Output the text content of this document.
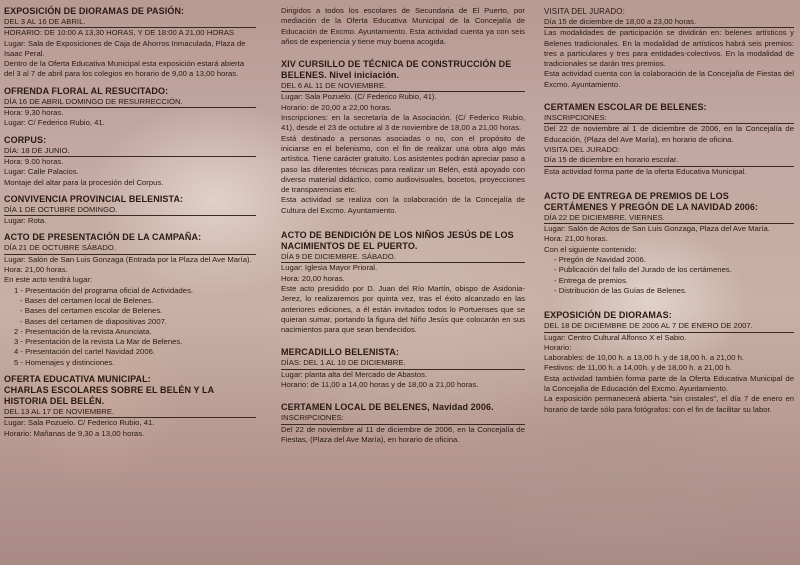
EXPOSICIÓN DE DIORAMAS DE PASIÓN:
DEL 3 AL 16 DE ABRIL.
HORARIO: DE 10:00 A 13,30 HORAS, Y DE 18:00 A 21,00 HORAS
Lugar: Sala de Exposiciones de Caja de Ahorros Inmaculada, Plaza de Isaac Peral.
Dentro de la Oferta Educativa Municipal esta exposición estará abierta del 3 al 7 de abril para los colegios en horario de 9,00 a 13,00 horas.
OFRENDA FLORAL AL RESUCITADO:
DÍA 16 DE ABRIL DOMINGO DE RESURRECCIÓN.
Hora: 9,30 horas.
Lugar: C/ Federico Rubio, 41.
CORPUS:
DÍA: 18 DE JUNIO.
Hora: 9.00 horas.
Lugar: Calle Palacios.
Montaje del altar para la procesión del Corpus.
CONVIVENCIA PROVINCIAL BELENISTA:
DÍA 1 DE OCTUBRE DOMINGO.
Lugar: Rota.
ACTO DE PRESENTACIÓN DE LA CAMPAÑA:
DÍA 21 DE OCTUBRE SÁBADO.
Lugar: Salón de San Luis Gonzaga (Entrada por la Plaza del Ave María).
Hora: 21,00 horas.
En este acto tendrá lugar:
1 - Presentación del programa oficial de Actividades.
- Bases del certamen local de Belenes.
- Bases del certamen escolar de Belenes.
- Bases del certamen de diapositivas 2007.
2 - Presentación de la revista Anunciata.
3 - Presentación de la revista La Mar de Belenes.
4 - Presentación del cartel Navidad 2006.
5 - Homenajes y distinciones.
OFERTA EDUCATIVA MUNICIPAL:
CHARLAS ESCOLARES SOBRE EL BELÉN Y LA HISTORIA DEL BELÉN.
DEL 13 AL 17 DE NOVIEMBRE.
Lugar: Sala Pozuelo. C/ Federico Rubio, 41.
Horario: Mañanas de 9,30 a 13,00 horas.
Dirigidos a todos los escolares de Secundaria de El Puerto, por mediación de la Oferta Educativa Municipal de la Concejalía de Educación de Excmo. Ayuntamiento. Esta actividad cuenta ya con seis años de experiencia y tiene muy buena acogida.
XIV CURSILLO DE TÉCNICA DE CONSTRUCCIÓN DE BELENES. Nivel iniciación.
DEL 6 AL 11 DE NOVIEMBRE.
Lugar: Sala Pozuelo. (C/ Federico Rubio, 41).
Horario: de 20,00 a 22,00 horas.
Inscripciones: en la secretaría de la Asociación. (C/ Federico Rubio, 41), desde el 23 de octubre al 3 de noviembre de 18,00 a 21,00 horas.
Está destinado a personas asociadas o no, con el propósito de iniciarse en el belenismo, con el fin de realizar una obra algo más artística. Tiene carácter gratuito. Los asistentes podrán apreciar paso a paso las diferentes técnicas para realizar un Belén, está apoyado con diverso material didáctico, como audiovisuales, bocetos, proyecciones de transparencias etc.
Esta actividad se realiza con la colaboración de la Concejalía de Cultura del Excmo. Ayuntamiento.
ACTO DE BENDICIÓN DE LOS NIÑOS JESÚS DE LOS NACIMIENTOS DE EL PUERTO.
DÍA 9 DE DICIEMBRE. SÁBADO.
Lugar: Iglesia Mayor Prioral.
Hora: 20,00 horas.
Este acto presidido por D. Juan del Río Martín, obispo de Asidonia-Jerez, lo realizaremos por quinta vez, tras el éxito alcanzado en las anteriores ediciones, a él están invitados todos lo Portuenses que se quieran sumar, portando la figura del Niño Jesús que colocarán en sus nacimientos para que sean bendecidos.
MERCADILLO BELENISTA:
DÍAS: DEL 1 AL 10 DE DICIEMBRE.
Lugar: planta alta del Mercado de Abastos.
Horario: de 11,00 a 14,00 horas y de 18,00 a 21,00 horas.
CERTAMEN LOCAL DE BELENES, Navidad 2006.
INSCRIPCIONES:
Del 22 de noviembre al 11 de diciembre de 2006, en la Concejalía de Fiestas, (Plaza del Ave María), en horario de oficina.
VISITA DEL JURADO:
Día 15 de diciembre de 18,00 a 23,00 horas.
Las modalidades de participación se dividirán en: belenes artísticos y Belenes tradicionales. En la modalidad de artísticos habrá seis premios: tres a particulares y tres para entidades-colectivos. En la modalidad de tradicionales se darán tres premios.
Esta actividad cuenta con la colaboración de la Concejalía de Fiestas del Excmo. Ayuntamiento.
CERTAMEN ESCOLAR DE BELENES:
INSCRIPCIONES:
Del 22 de noviembre al 1 de diciembre de 2006, en la Concejalía de Educación, (Plaza del Ave María), en horario de oficina.
VISITA DEL JURADO:
Día 15 de diciembre en horario escolar.
Esta actividad forma parte de la oferta Educativa Municipal.
ACTO DE ENTREGA DE PREMIOS DE LOS CERTÁMENES Y PREGÓN DE LA NAVIDAD 2006:
DÍA 22 DE DICIEMBRE. VIERNES.
Lugar: Salón de Actos de San Luis Gonzaga, Plaza del Ave María.
Hora: 21,00 horas.
Con el siguiente contenido:
- Pregón de Navidad 2006.
- Publicación del fallo del Jurado de los certámenes.
- Entrega de premios.
- Distribución de las Guías de Belenes.
EXPOSICIÓN DE DIORAMAS:
DEL 18 DE DICIEMBRE DE 2006 AL 7 DE ENERO DE 2007.
Lugar: Centro Cultural Alfonso X el Sabio.
Horario:
Laborables: de 10,00 h. a 13,00 h. y de 18,00 h. a 21,00 h.
Festivos: de 11,00 h. a 14,00h. y de 18,00 h. a 21,00 h.
Esta actividad también forma parte de la Oferta Educativa Municipal de la Concejalía de Educación del Excmo. Ayuntamiento.
La exposición permanecerá abierta "sin cristales", el día 7 de enero en horario de tarde sólo para fotógrafos: con el fin de facilitar su labor.
